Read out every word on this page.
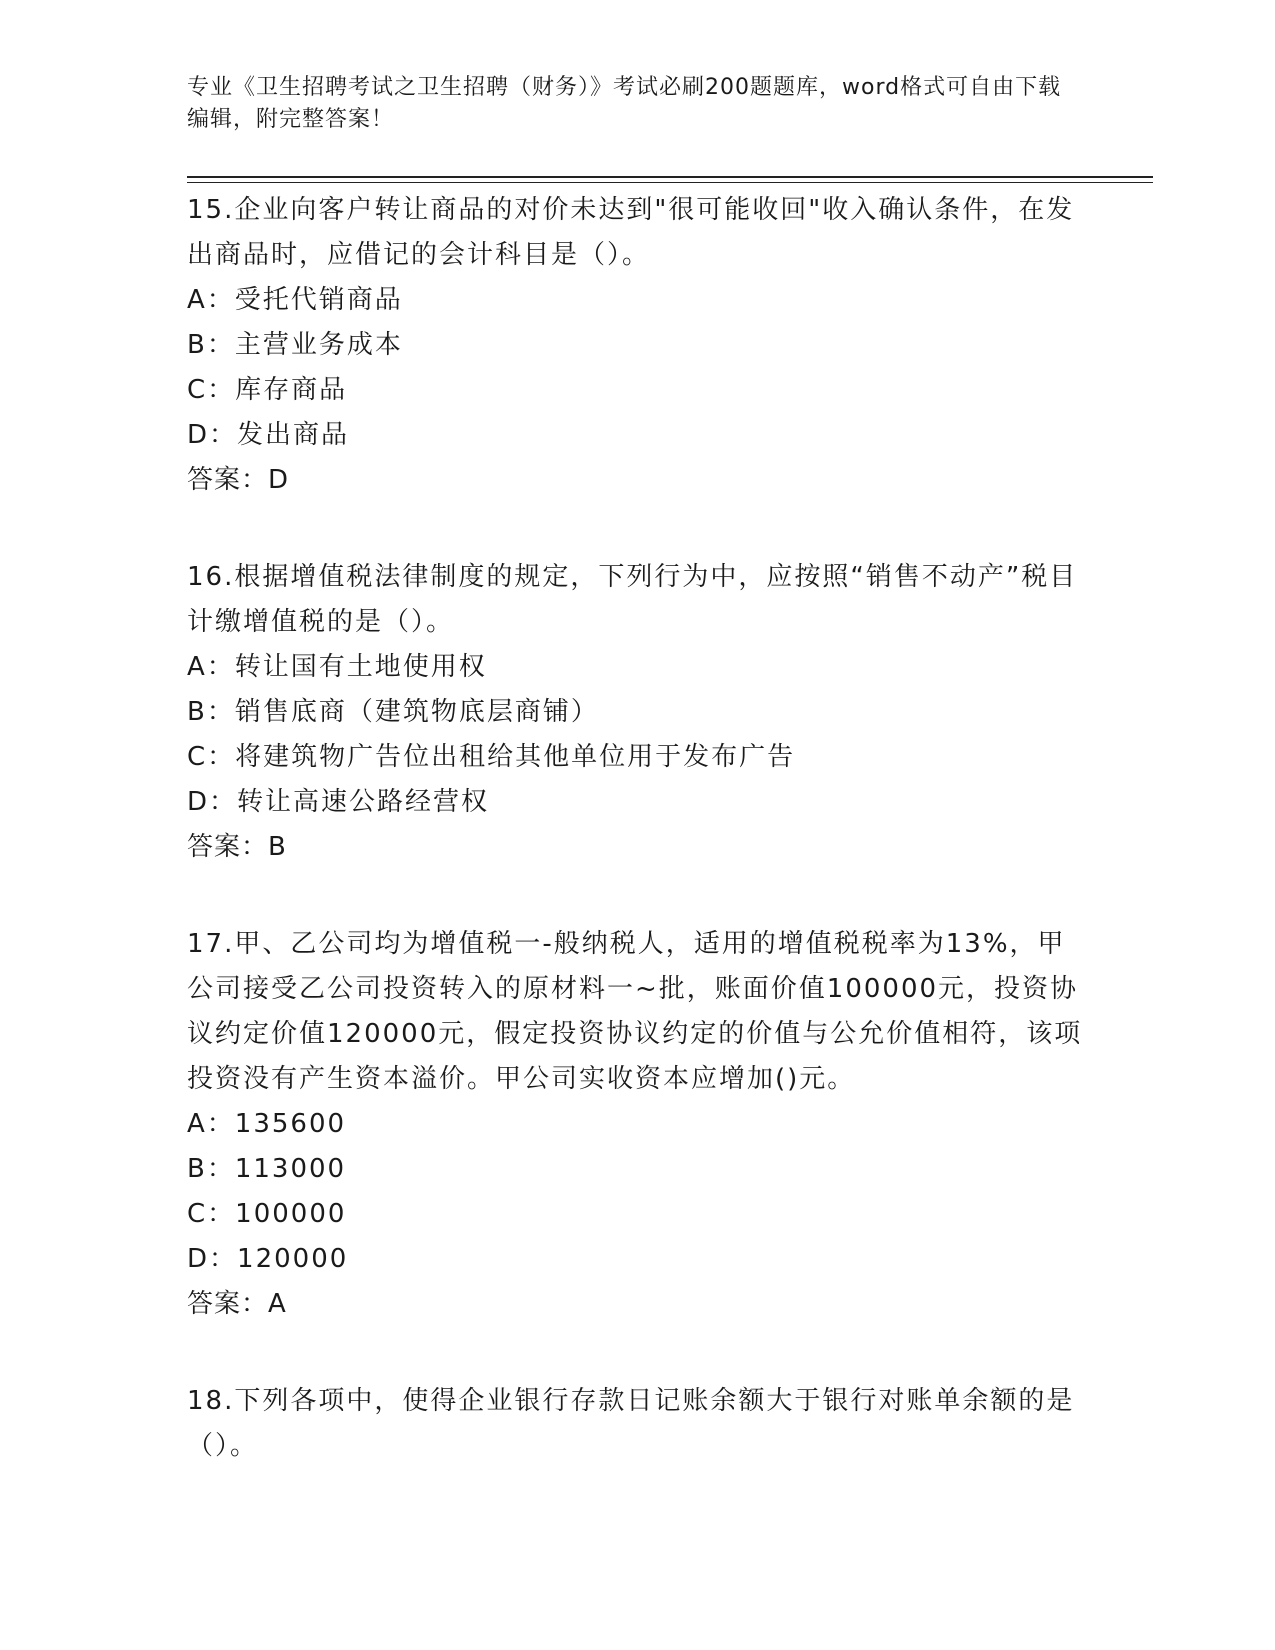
专业《卫生招聘考试之卫生招聘（财务）》考试必刷200题题库，word格式可自由下载编辑，附完整答案！

15.企业向客户转让商品的对价未达到"很可能收回"收入确认条件，在发出商品时，应借记的会计科目是（）。

A：受托代销商品

B：主营业务成本

C：库存商品

D：发出商品

答案：D

16.根据增值税法律制度的规定，下列行为中，应按照“销售不动产”税目计缴增值税的是（）。

A：转让国有土地使用权

B：销售底商（建筑物底层商铺）

C：将建筑物广告位出租给其他单位用于发布广告

D：转让高速公路经营权

答案：B

17.甲、乙公司均为增值税一-般纳税人，适用的增值税税率为13%，甲公司接受乙公司投资转入的原材料一~批，账面价值100000元，投资协议约定价值120000元，假定投资协议约定的价值与公允价值相符，该项投资没有产生资本溢价。甲公司实收资本应增加()元。

A：135600

B：113000

C：100000

D：120000

答案：A

18.下列各项中，使得企业银行存款日记账余额大于银行对账单余额的是（）。
